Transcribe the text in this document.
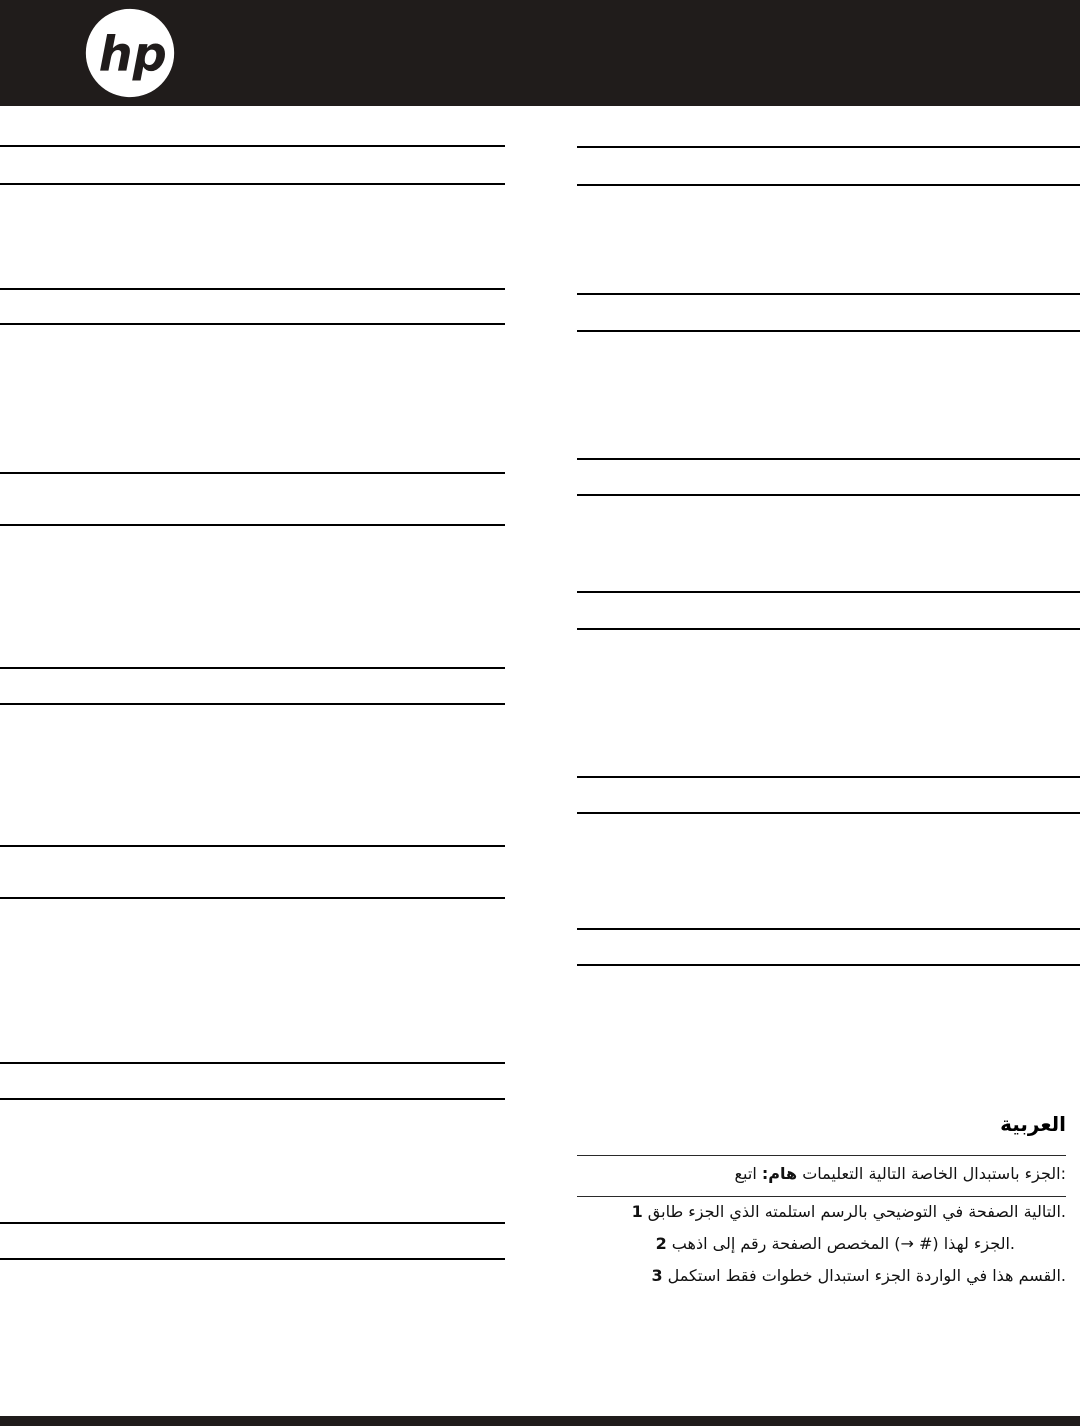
hp
العربية
هام: اتبع‎ التعليمات‎ التالية‎ الخاصة‎ باستبدال‎ الجزء:‎
1 طابق‎ الجزء‎ الذي‎ استلمته‎ بالرسم‎ التوضيحي‎ في‎ الصفحة‎ التالية.‎
2 اذهب‎ إلى‎ رقم‎ الصفحة‎ المخصص‎ (→ #)‎ لهذا‎ الجزء.‎
3 استكمل‎ فقط‎ خطوات‎ استبدال‎ الجزء‎ الواردة‎ في‎ هذا‎ القسم.‎
